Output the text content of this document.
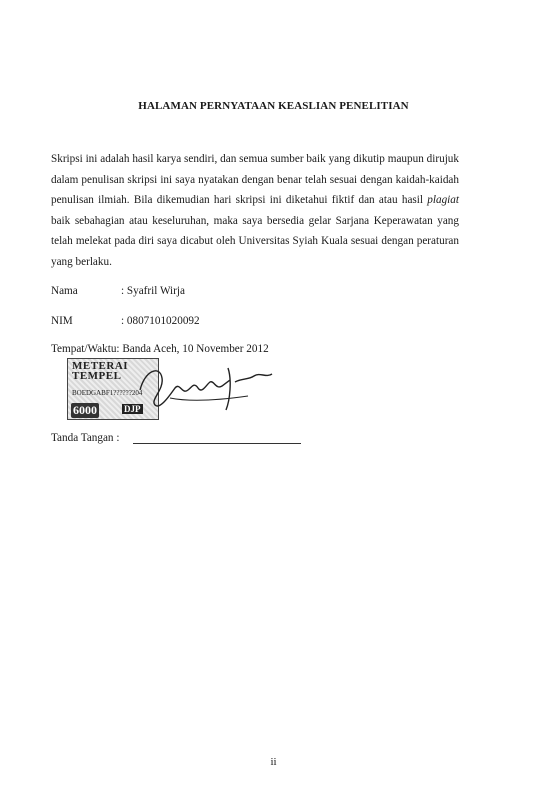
HALAMAN PERNYATAAN KEASLIAN PENELITIAN
Skripsi ini adalah hasil karya sendiri, dan semua sumber baik yang dikutip maupun dirujuk dalam penulisan skripsi ini saya nyatakan dengan benar telah sesuai dengan kaidah-kaidah penulisan ilmiah. Bila dikemudian hari skripsi ini diketahui fiktif dan atau hasil plagiat baik sebahagian atau keseluruhan, maka saya bersedia gelar Sarjana Keperawatan yang telah melekat pada diri saya dicabut oleh Universitas Syiah Kuala sesuai dengan peraturan yang berlaku.
Nama	: Syafril Wirja
NIM	: 0807101020092
Tempat/Waktu: Banda Aceh, 10 November 2012
METERAI
TEMPEL
BOEDGABF1??????204
6000	DJP
Tanda Tangan :
ii
